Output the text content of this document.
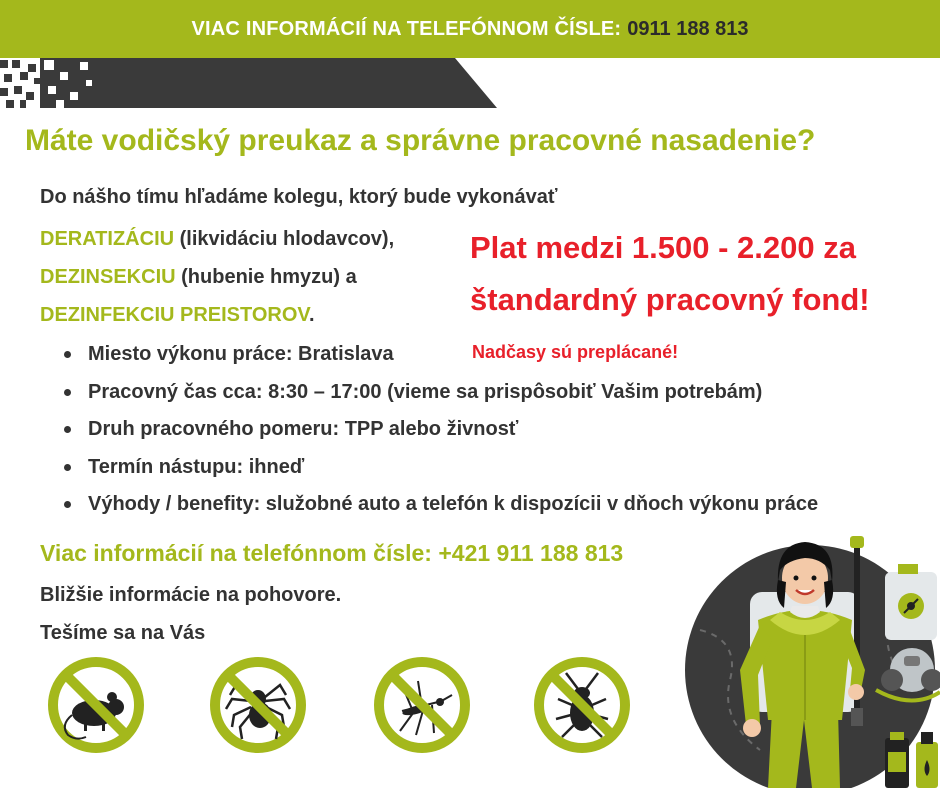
VIAC INFORMÁCIÍ NA TELEFÓNNOM ČÍSLE: 0911 188 813
Máte vodičský preukaz a správne pracovné nasadenie?
Do nášho tímu hľadáme kolegu, ktorý bude vykonávať
DERATIZÁCIU (likvidáciu hlodavcov),
DEZINSEKCIU (hubenie hmyzu) a
DEZINFEKCIU PREISTOROV.
Plat medzi 1.500 - 2.200 za
štandardný pracovný fond!
Nadčasy sú preplácané!
Miesto výkonu práce: Bratislava
Pracovný čas cca: 8:30 – 17:00 (vieme sa prispôsobiť Vašim potrebám)
Druh pracovného pomeru: TPP alebo živnosť
Termín nástupu: ihneď
Výhody / benefity: služobné auto a telefón k dispozícii v dňoch výkonu práce
Viac informácií na telefónnom čísle: +421 911 188 813
Bližšie informácie na pohovore.
Tešíme sa na Vás
